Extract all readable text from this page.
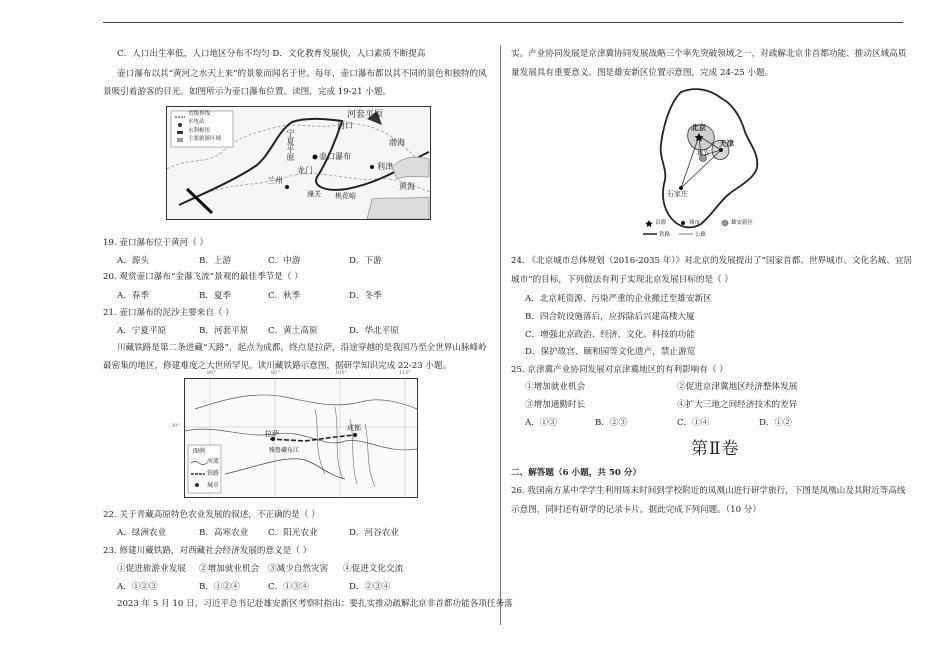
C．人口出生率低，人口地区分布不均匀 D．文化教育发展快，人口素质不断提高
壶口瀑布以其“黄河之水天上来”的景象而闻名于世。每年，壶口瀑布都以其不同的景色和独特的风
景吸引着游客的目光。如图所示为壶口瀑布位置。读图，完成 19-21 小题。
省级界线
水电站
水利枢纽
主要旅游区域
河套平原
河口
宁夏平原	渤海
壶口瀑布
龙门
兰州
利津
黄海
桃花峪
潼关
19. 壶口瀑布位于黄河（ ）
A．源头	B．上游	C．中游	D．下游
20. 观赏壶口瀑布“金瀑飞流”景观的最佳季节是（ ）
A．春季	B．夏季	C．秋季	D．冬季
21. 壶口瀑布的泥沙主要来自（ ）
A．宁夏平原	B．河套平原 C．黄土高原	D．华北平原
川藏铁路是第二条进藏“天路”，起点为成都，终点是拉萨，沿途穿越的是我国乃至全世界山脉峰岭
最密集的地区，修建难度之大世所罕见。读川藏铁路示意图，据研学知识完成 22-23 小题。
80°	90°	100°	110°
30°
图例
河流
铁路
城市
拉萨
雅鲁藏布江
成都
22. 关于青藏高原特色农业发展的叙述，不正确的是（ ）
A．绿洲农业	B．高寒农业 C．阳光农业	D．河谷农业
23. 修建川藏铁路，对西藏社会经济发展的意义是（ ）
①促进旅游业发展 ②增加就业机会 ③减少自然灾害 ④促进文化交流
A．①②③	B．①②④	C．①③④	D．②③④
2023 年 5 月 10 日，习近平总书记赴雄安新区考察时指出：要扎实推动疏解北京非首都功能各项任务落
实。产业协同发展是京津冀协同发展战略三个率先突破领域之一，对疏解北京非首都功能、推动区域高质
量发展具有重要意义。图是雄安新区位置示意图，完成 24-25 小题。
北京
天津
雄安
石家庄
首都	城市	雄安新区
铁路	公路
24. 《北京城市总体规划（2016-2035 年）》对北京的发展提出了“国家首都、世界城市、文化名城、宜居
城市”的目标，下列做法有利于实现北京发展目标的是（ ）
A．北京耗资源、污染严重的企业搬迁至雄安新区
B．四合院设施落后，应拆除后兴建高楼大厦
C．增强北京政治、经济、文化、科技的功能
D．保护故宫、颐和园等文化遗产，禁止游览
25. 京津冀产业协同发展对京津冀地区的有利影响有（ ）
①增加就业机会	②促进京津冀地区经济整体发展
③增加通勤时长	④扩大三地之间经济技术的差异
A．①③	B．②③	C．①④	D．①②
第Ⅱ卷
二、解答题（6 小题，共 50 分）
26. 我国南方某中学学生利用周末时间到学校附近的凤凰山进行研学旅行，下图是凤凰山及其附近等高线
示意图，同时还有研学的记录卡片。据此完成下列问题。（10 分）
